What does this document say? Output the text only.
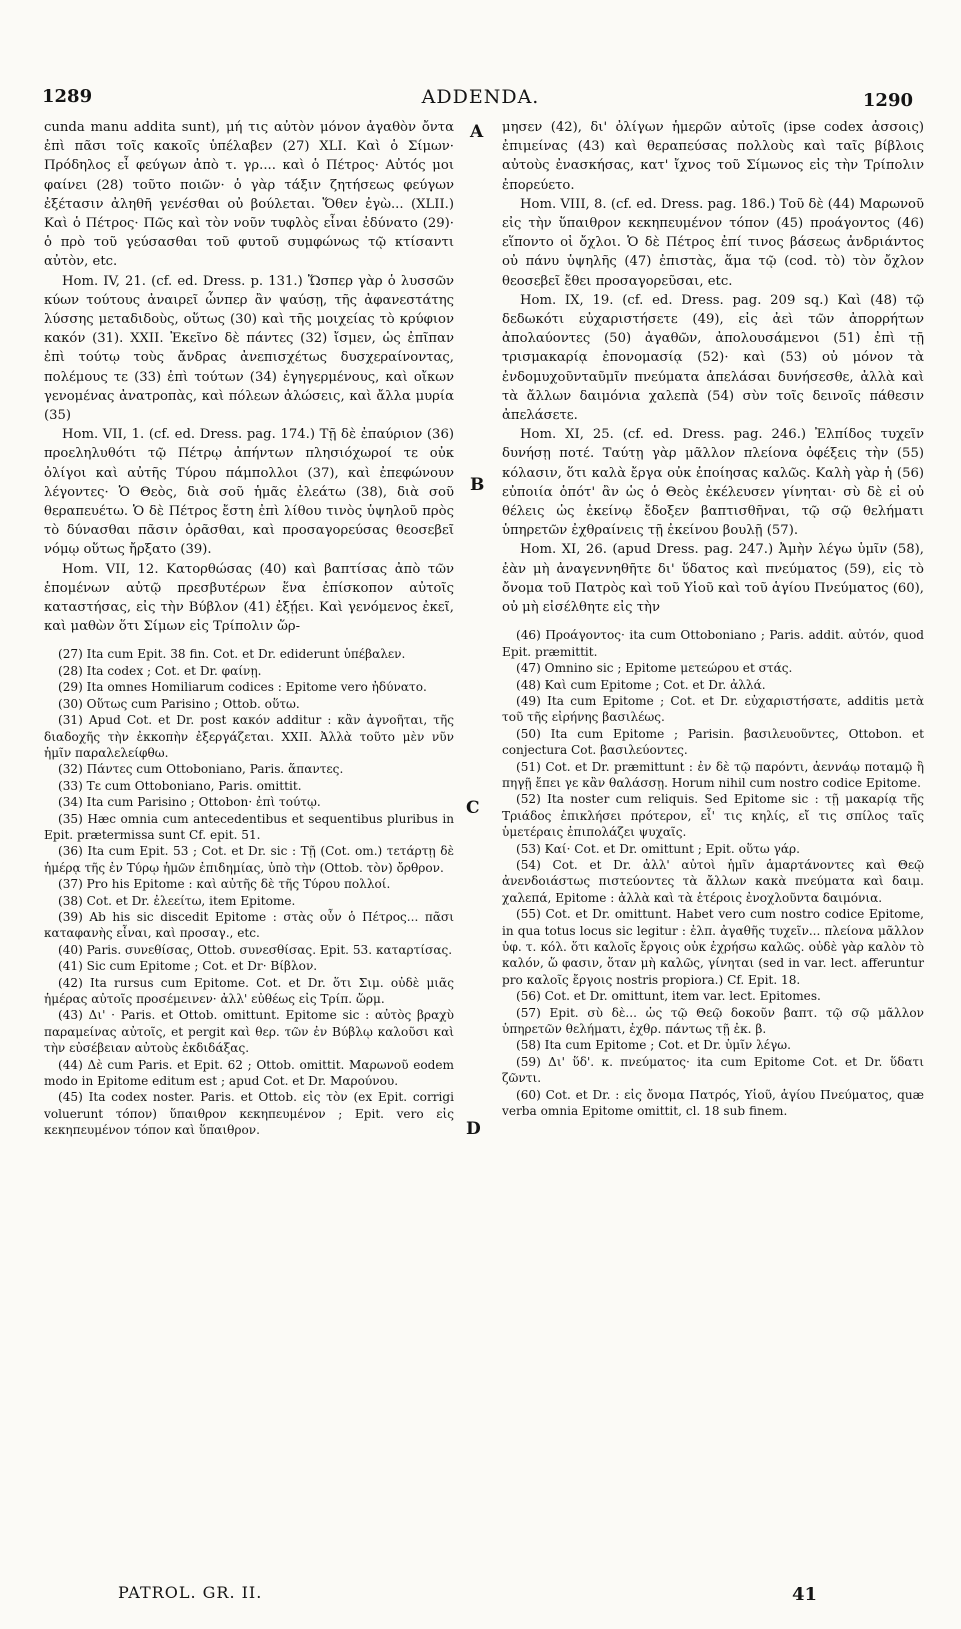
1289	ADDENDA.	1290

cunda manu addita sunt), μή τις αὐτὸν μόνον ἀγαθὸν ὄντα ἐπὶ πᾶσι τοῖς κακοῖς ὑπέλαβεν (27) XLI. Καὶ ὁ Σίμων· Πρόδηλος εἶ φεύγων ἀπὸ τ. γρ.... καὶ ὁ Πέτρος· Αὐτός μοι φαίνει (28) τοῦτο ποιῶν· ὁ γὰρ τάξιν ζητήσεως φεύγων ἐξέτασιν ἀληθῆ γενέσθαι οὐ βούλεται. Ὅθεν ἐγὼ... (XLII.) Καὶ ὁ Πέτρος· Πῶς καὶ τὸν νοῦν τυφλὸς εἶναι ἐδύνατο (29)· ὁ πρὸ τοῦ γεύσασθαι τοῦ φυτοῦ συμφώνως τῷ κτίσαντι αὐτὸν, etc.

Hom. IV, 21. (cf. ed. Dress. p. 131.) Ὥσπερ γὰρ ὁ λυσσῶν κύων τούτους ἀναιρεῖ ὧνπερ ἂν ψαύσῃ, τῆς ἀφανεστάτης λύσσης μεταδιδοὺς, οὕτως (30) καὶ τῆς μοιχείας τὸ κρύφιον κακόν (31). XXII. Ἐκεῖνο δὲ πάντες (32) ἴσμεν, ὡς ἐπῖπαν ἐπὶ τούτῳ τοὺς ἄνδρας ἀνεπισχέτως δυσχεραίνοντας, πολέμους τε (33) ἐπὶ τούτων (34) ἐγηγερμένους, καὶ οἴκων γενομένας ἀνατροπὰς, καὶ πόλεων ἁλώσεις, καὶ ἄλλα μυρία (35)

Hom. VII, 1. (cf. ed. Dress. pag. 174.) Τῇ δὲ ἐπαύριον (36) προεληλυθότι τῷ Πέτρῳ ἀπήντων πλησιόχωροί τε οὐκ ὀλίγοι καὶ αὐτῆς Τύρου πάμπολλοι (37), καὶ ἐπεφώνουν λέγοντες· Ὁ Θεὸς, διὰ σοῦ ἡμᾶς ἐλεάτω (38), διὰ σοῦ θεραπευέτω. Ὁ δὲ Πέτρος ἔστη ἐπὶ λίθου τινὸς ὑψηλοῦ πρὸς τὸ δύνασθαι πᾶσιν ὁρᾶσθαι, καὶ προσαγορεύσας θεοσεβεῖ νόμῳ οὕτως ἤρξατο (39).

Hom. VII, 12. Κατορθώσας (40) καὶ βαπτίσας ἀπὸ τῶν ἑπομένων αὐτῷ πρεσβυτέρων ἕνα ἐπίσκοπον αὐτοῖς καταστήσας, εἰς τὴν Βύβλον (41) ἐξῄει. Καὶ γενόμενος ἐκεῖ, καὶ μαθὼν ὅτι Σίμων εἰς Τρίπολιν ὥρ-

(27) Ita cum Epit. 38 fin. Cot. et Dr. ediderunt ὑπέβαλεν.

(28) Ita codex ; Cot. et Dr. φαίνῃ.

(29) Ita omnes Homiliarum codices : Epitome vero ἠδύνατο.

(30) Οὕτως cum Parisino ; Ottob. οὕτω.

(31) Apud Cot. et Dr. post κακόν additur : κἂν ἀγνοῆται, τῆς διαδοχῆς τὴν ἐκκοπὴν ἐξεργάζεται. XXII. Ἀλλὰ τοῦτο μὲν νῦν ἡμῖν παραλελείφθω.

(32) Πάντες cum Ottoboniano, Paris. ἅπαντες.

(33) Τε cum Ottoboniano, Paris. omittit.

(34) Ita cum Parisino ; Ottobon· ἐπὶ τούτῳ.

(35) Hæc omnia cum antecedentibus et sequentibus pluribus in Epit. prætermissa sunt Cf. epit. 51.

(36) Ita cum Epit. 53 ; Cot. et Dr. sic : Τῇ (Cot. om.) τετάρτῃ δὲ ἡμέρᾳ τῆς ἐν Τύρῳ ἡμῶν ἐπιδημίας, ὑπὸ τὴν (Ottob. τὸν) ὄρθρον.

(37) Pro his Epitome : καὶ αὐτῆς δὲ τῆς Τύρου πολλοί.

(38) Cot. et Dr. ἐλεείτω, item Epitome.

(39) Ab his sic discedit Epitome : στὰς οὖν ὁ Πέτρος... πᾶσι καταφανὴς εἶναι, καὶ προσαγ., etc.

(40) Paris. συνεθίσας, Ottob. συνεσθίσας. Epit. 53. καταρτίσας.

(41) Sic cum Epitome ; Cot. et Dr· Βίβλον.

(42) Ita rursus cum Epitome. Cot. et Dr. ὅτι Σιμ. οὐδὲ μιᾶς ἡμέρας αὐτοῖς προσέμεινεν· ἀλλ' εὐθέως εἰς Τρίπ. ὥρμ.

(43) Δι' · Paris. et Ottob. omittunt. Epitome sic : αὐτὸς βραχὺ παραμείνας αὐτοῖς, et pergit καὶ θερ. τῶν ἐν Βύβλῳ καλοῦσι καὶ τὴν εὐσέβειαν αὐτοὺς ἐκδιδάξας.

(44) Δὲ cum Paris. et Epit. 62 ; Ottob. omittit. Μαρωνοῦ eodem modo in Epitome editum est ; apud Cot. et Dr. Μαρούνου.

(45) Ita codex noster. Paris. et Ottob. εἰς τὸν (ex Epit. corrigi voluerunt τόπον) ὕπαιθρον κεκηπευμένον ; Epit. vero εἰς κεκηπευμένον τόπον καὶ ὕπαιθρον.

A
B
C
D

μησεν (42), δι' ὀλίγων ἡμερῶν αὐτοῖς (ipse codex ἀσσοις) ἐπιμείνας (43) καὶ θεραπεύσας πολλοὺς καὶ ταῖς βίβλοις αὐτοὺς ἐνασκήσας, κατ' ἴχνος τοῦ Σίμωνος εἰς τὴν Τρίπολιν ἐπορεύετο.

Hom. VIII, 8. (cf. ed. Dress. pag. 186.) Τοῦ δὲ (44) Μαρωνοῦ εἰς τὴν ὕπαιθρον κεκηπευμένον τόπον (45) προάγοντος (46) εἵποντο οἱ ὄχλοι. Ὁ δὲ Πέτρος ἐπί τινος βάσεως ἀνδριάντος οὐ πάνυ ὑψηλῆς (47) ἐπιστὰς, ἅμα τῷ (cod. τὸ) τὸν ὄχλον θεοσεβεῖ ἔθει προσαγορεῦσαι, etc.

Hom. IX, 19. (cf. ed. Dress. pag. 209 sq.) Καὶ (48) τῷ δεδωκότι εὐχαριστήσετε (49), εἰς ἀεὶ τῶν ἀπορρήτων ἀπολαύοντες (50) ἀγαθῶν, ἀπολουσάμενοι (51) ἐπὶ τῇ τρισμακαρίᾳ ἐπονομασίᾳ (52)· καὶ (53) οὐ μόνον τὰ ἐνδομυχοῦνταῦμῖν πνεύματα ἀπελάσαι δυνήσεσθε, ἀλλὰ καὶ τὰ ἄλλων δαιμόνια χαλεπὰ (54) σὺν τοῖς δεινοῖς πάθεσιν ἀπελάσετε.

Hom. XI, 25. (cf. ed. Dress. pag. 246.) Ἐλπίδος τυχεῖν δυνήσῃ ποτέ. Ταύτῃ γὰρ μᾶλλον πλείονα ὀφέξεις τὴν (55) κόλασιν, ὅτι καλὰ ἔργα οὐκ ἐποίησας καλῶς. Καλὴ γὰρ ἡ (56) εὐποιία ὁπότ' ἂν ὡς ὁ Θεὸς ἐκέλευσεν γίνηται· σὺ δὲ εἰ οὐ θέλεις ὡς ἐκείνῳ ἔδοξεν βαπτισθῆναι, τῷ σῷ θελήματι ὑπηρετῶν ἐχθραίνεις τῇ ἐκείνου βουλῇ (57).

Hom. XI, 26. (apud Dress. pag. 247.) Ἀμὴν λέγω ὑμῖν (58), ἐὰν μὴ ἀναγεννηθῆτε δι' ὕδατος καὶ πνεύματος (59), εἰς τὸ ὄνομα τοῦ Πατρὸς καὶ τοῦ Υἱοῦ καὶ τοῦ ἁγίου Πνεύματος (60), οὐ μὴ εἰσέλθητε εἰς τὴν

(46) Προάγοντος· ita cum Ottoboniano ; Paris. addit. αὐτόν, quod Epit. præmittit.

(47) Omnino sic ; Epitome μετεώρου et στάς.

(48) Καὶ cum Epitome ; Cot. et Dr. ἀλλά.

(49) Ita cum Epitome ; Cot. et Dr. εὐχαριστήσατε, additis μετὰ τοῦ τῆς εἰρήνης βασιλέως.

(50) Ita cum Epitome ; Parisin. βασιλευοῦντες, Ottobon. et conjectura Cot. βασιλεύοντες.

(51) Cot. et Dr. præmittunt : ἐν δὲ τῷ παρόντι, ἀεννάῳ ποταμῷ ἢ πηγῇ ἔπει γε κἂν θαλάσσῃ. Horum nihil cum nostro codice Epitome.

(52) Ita noster cum reliquis. Sed Epitome sic : τῇ μακαρίᾳ τῆς Τριάδος ἐπικλήσει πρότερον, εἶ' τις κηλίς, εἴ τις σπίλος ταῖς ὑμετέραις ἐπιπολάζει ψυχαῖς.

(53) Καί· Cot. et Dr. omittunt ; Epit. οὕτω γάρ.

(54) Cot. et Dr. ἀλλ' αὐτοὶ ἡμῖν ἁμαρτάνοντες καὶ Θεῷ ἀνενδοιάστως πιστεύοντες τὰ ἄλλων κακὰ πνεύματα καὶ δαιμ. χαλεπά, Epitome : ἀλλὰ καὶ τὰ ἑτέροις ἐνοχλοῦντα δαιμόνια.

(55) Cot. et Dr. omittunt. Habet vero cum nostro codice Epitome, in qua totus locus sic legitur : ἐλπ. ἀγαθῆς τυχεῖν... πλείονα μᾶλλον ὑφ. τ. κόλ. ὅτι καλοῖς ἔργοις οὐκ ἐχρήσω καλῶς. οὐδὲ γὰρ καλὸν τὸ καλόν, ὥ φασιν, ὅταν μὴ καλῶς, γίνηται (sed in var. lect. afferuntur pro καλοῖς ἔργοις nostris propiora.) Cf. Epit. 18.

(56) Cot. et Dr. omittunt, item var. lect. Epitomes.

(57) Epit. σὺ δὲ... ὡς τῷ Θεῷ δοκοῦν βαπτ. τῷ σῷ μᾶλλον ὑπηρετῶν θελήματι, ἐχθρ. πάντως τῇ ἐκ. β.

(58) Ita cum Epitome ; Cot. et Dr. ὑμῖν λέγω.

(59) Δι' ὕδ'. κ. πνεύματος· ita cum Epitome Cot. et Dr. ὕδατι ζῶντι.

(60) Cot. et Dr. : εἰς ὄνομα Πατρός, Υἱοῦ, ἁγίου Πνεύματος, quæ verba omnia Epitome omittit, cl. 18 sub finem.

PATROL. GR. II.	41
